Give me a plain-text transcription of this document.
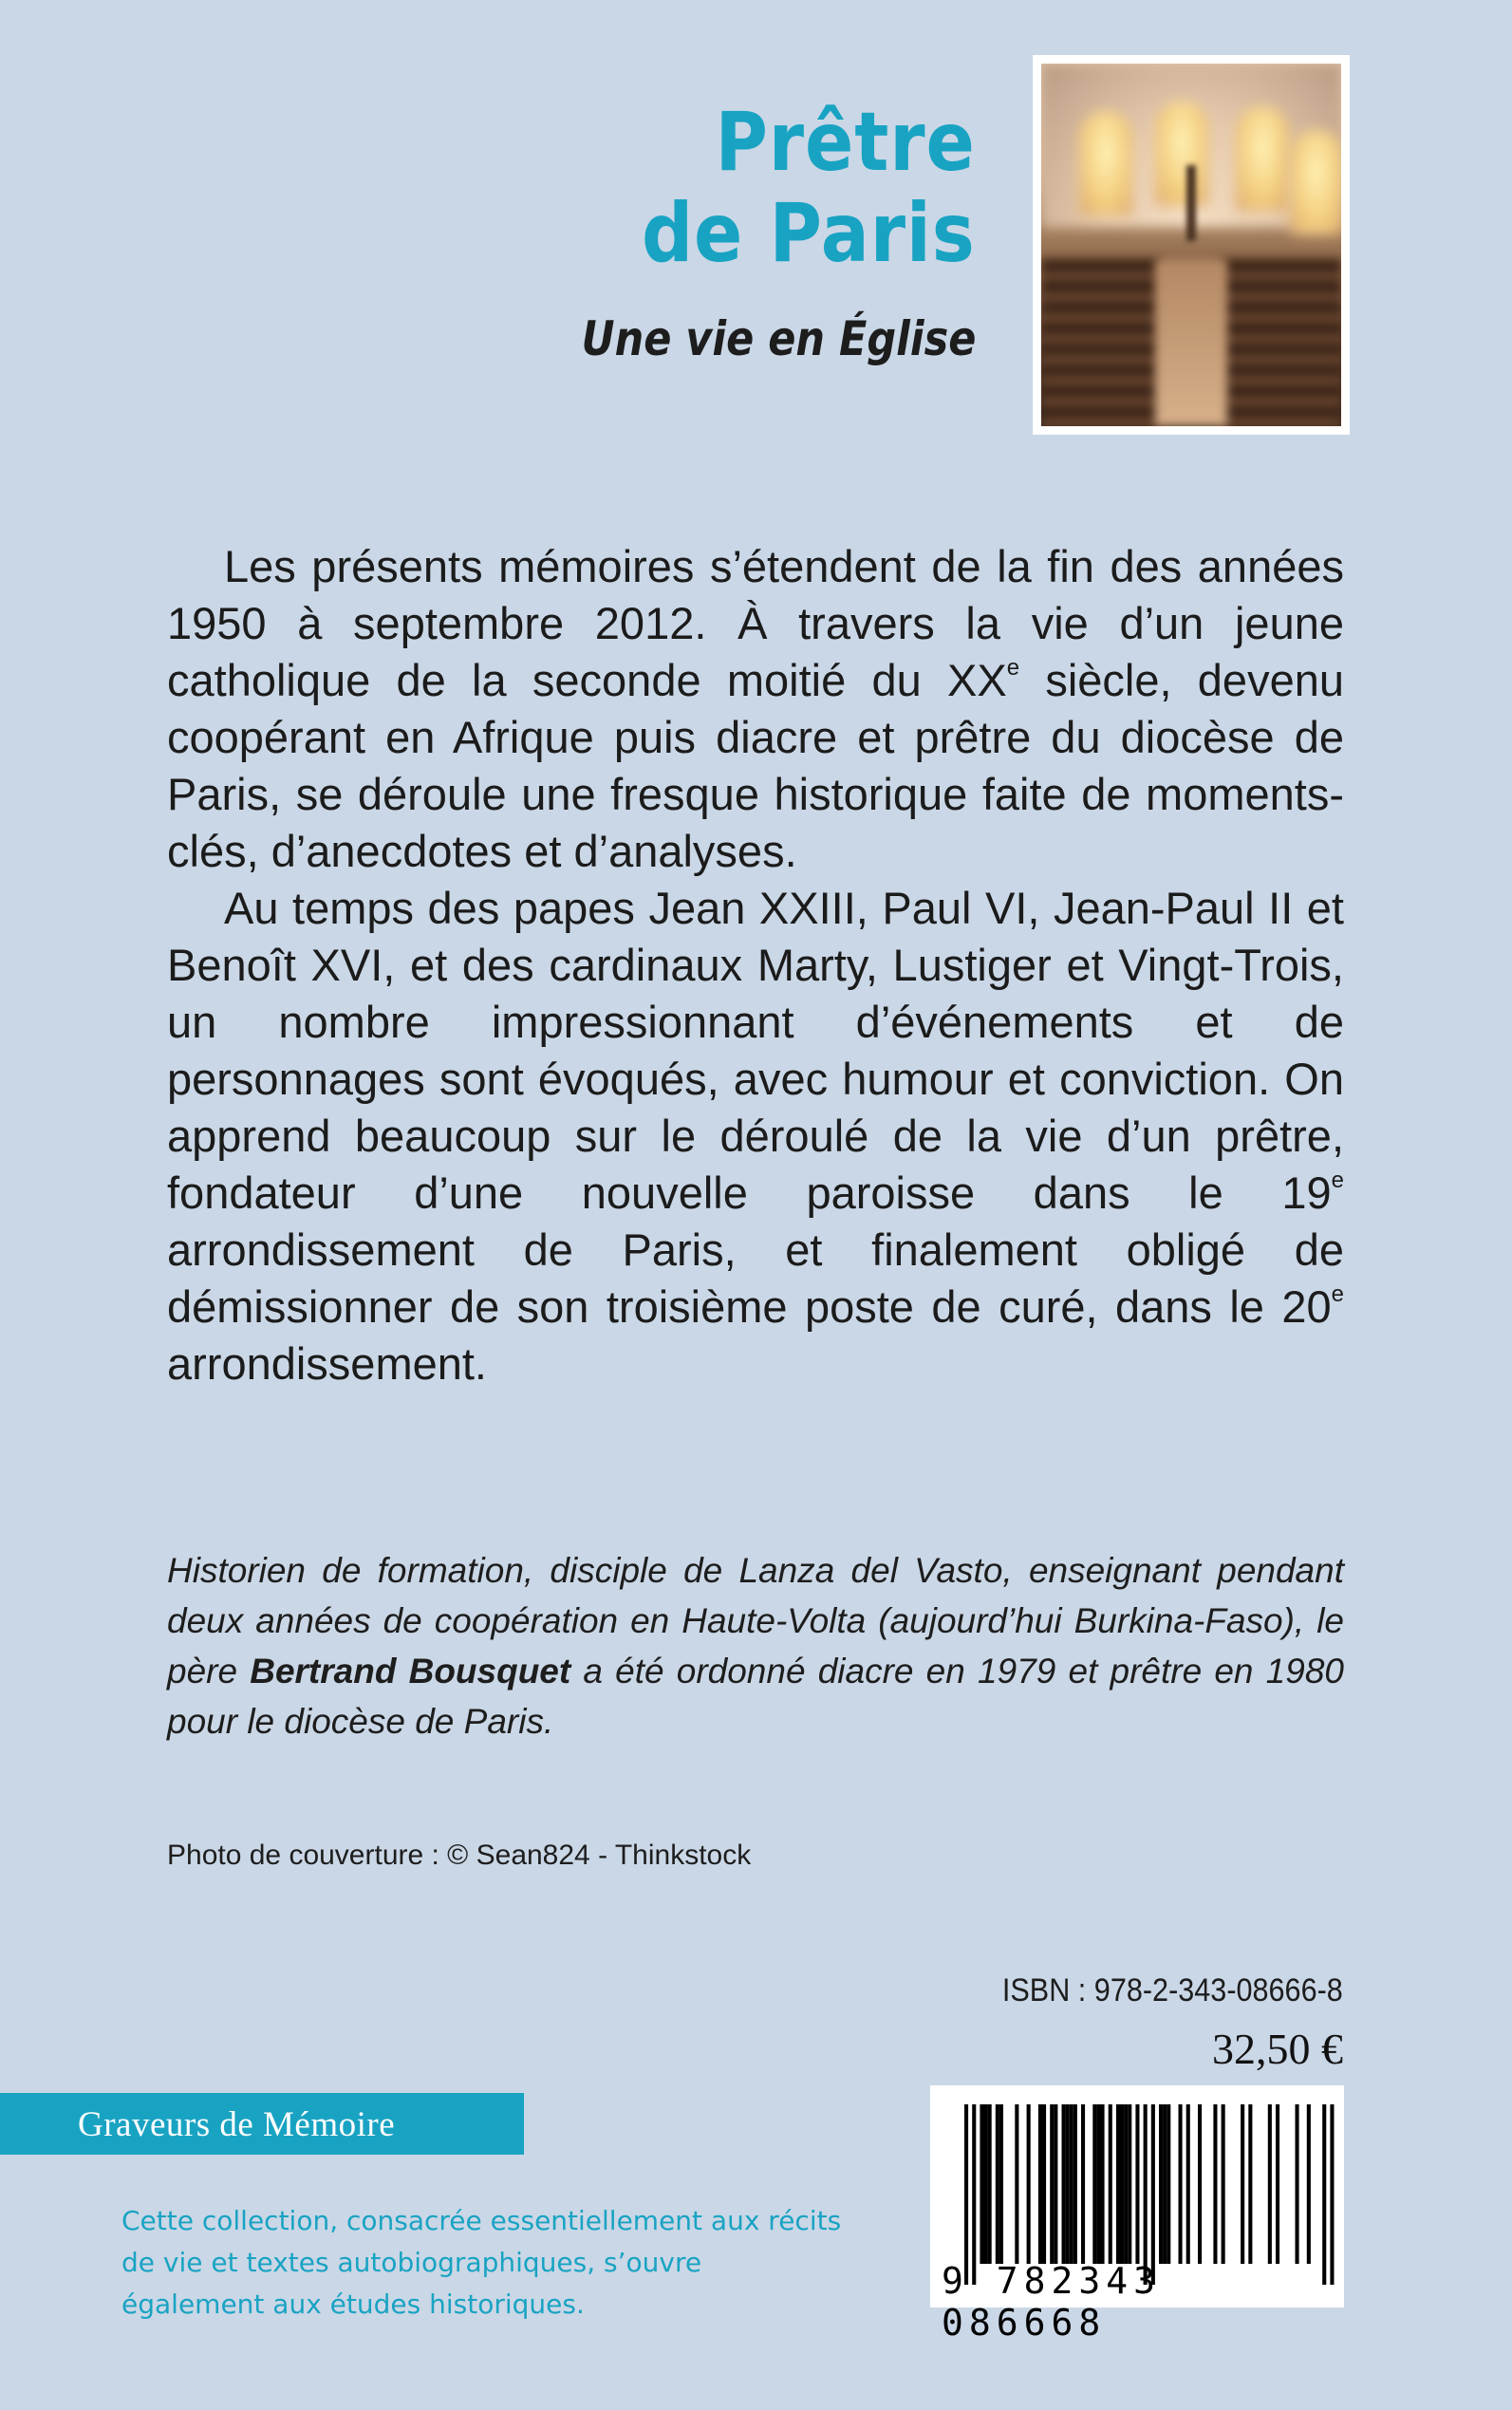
Prêtre
de Paris
Une vie en Église

Les présents mémoires s’étendent de la fin des années 1950 à septembre 2012. À travers la vie d’un jeune catholique de la seconde moitié du XXe siècle, devenu coopérant en Afrique puis diacre et prêtre du diocèse de Paris, se déroule une fresque historique faite de moments-clés, d’anecdotes et d’analyses.

Au temps des papes Jean XXIII, Paul VI, Jean-Paul II et Benoît XVI, et des cardinaux Marty, Lustiger et Vingt-Trois, un nombre impressionnant d’événements et de personnages sont évoqués, avec humour et conviction. On apprend beaucoup sur le déroulé de la vie d’un prêtre, fondateur d’une nouvelle paroisse dans le 19e arrondissement de Paris, et finalement obligé de démissionner de son troisième poste de curé, dans le 20e arrondissement.

Historien de formation, disciple de Lanza del Vasto, enseignant pendant deux années de coopération en Haute-Volta (aujourd’hui Burkina-Faso), le père Bertrand Bousquet a été ordonné diacre en 1979 et prêtre en 1980 pour le diocèse de Paris.
Photo de couverture : © Sean824 - Thinkstock
ISBN : 978-2-343-08666-8
32,50 €
Graveurs de Mémoire
Cette collection, consacrée essentiellement aux récits de vie et textes autobiographiques, s’ouvre également aux études historiques.
9 782343 086668
